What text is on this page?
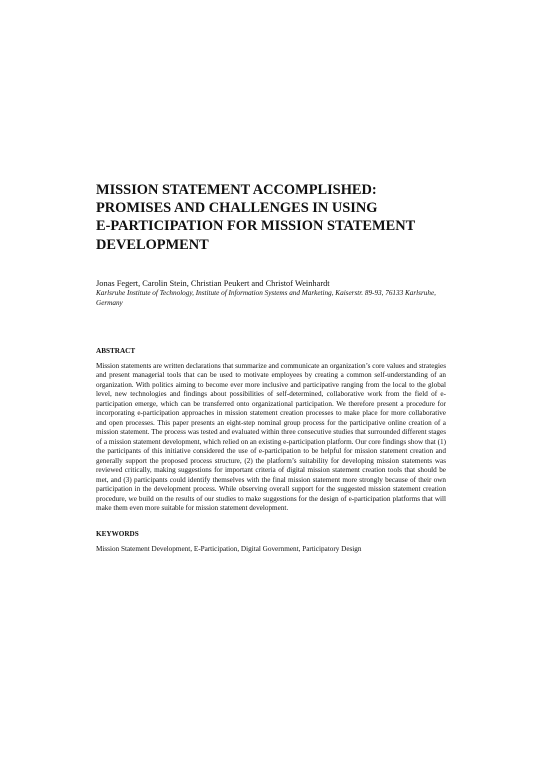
MISSION STATEMENT ACCOMPLISHED:
PROMISES AND CHALLENGES IN USING
E-PARTICIPATION FOR MISSION STATEMENT
DEVELOPMENT
Jonas Fegert, Carolin Stein, Christian Peukert and Christof Weinhardt
Karlsruhe Institute of Technology, Institute of Information Systems and Marketing, Kaiserstr. 89-93, 76133 Karlsruhe, Germany
ABSTRACT

Mission statements are written declarations that summarize and communicate an organization’s core values and strategies and present managerial tools that can be used to motivate employees by creating a common self-understanding of an organization. With politics aiming to become ever more inclusive and participative ranging from the local to the global level, new technologies and findings about possibilities of self-determined, collaborative work from the field of e-participation emerge, which can be transferred onto organizational participation. We therefore present a procedure for incorporating e-participation approaches in mission statement creation processes to make place for more collaborative and open processes. This paper presents an eight-step nominal group process for the participative online creation of a mission statement. The process was tested and evaluated within three consecutive studies that surrounded different stages of a mission statement development, which relied on an existing e-participation platform. Our core findings show that (1) the participants of this initiative considered the use of e-participation to be helpful for mission statement creation and generally support the proposed process structure, (2) the platform’s suitability for developing mission statements was reviewed critically, making suggestions for important criteria of digital mission statement creation tools that should be met, and (3) participants could identify themselves with the final mission statement more strongly because of their own participation in the development process. While observing overall support for the suggested mission statement creation procedure, we build on the results of our studies to make suggestions for the design of e-participation platforms that will make them even more suitable for mission statement development.

KEYWORDS

Mission Statement Development, E-Participation, Digital Government, Participatory Design
